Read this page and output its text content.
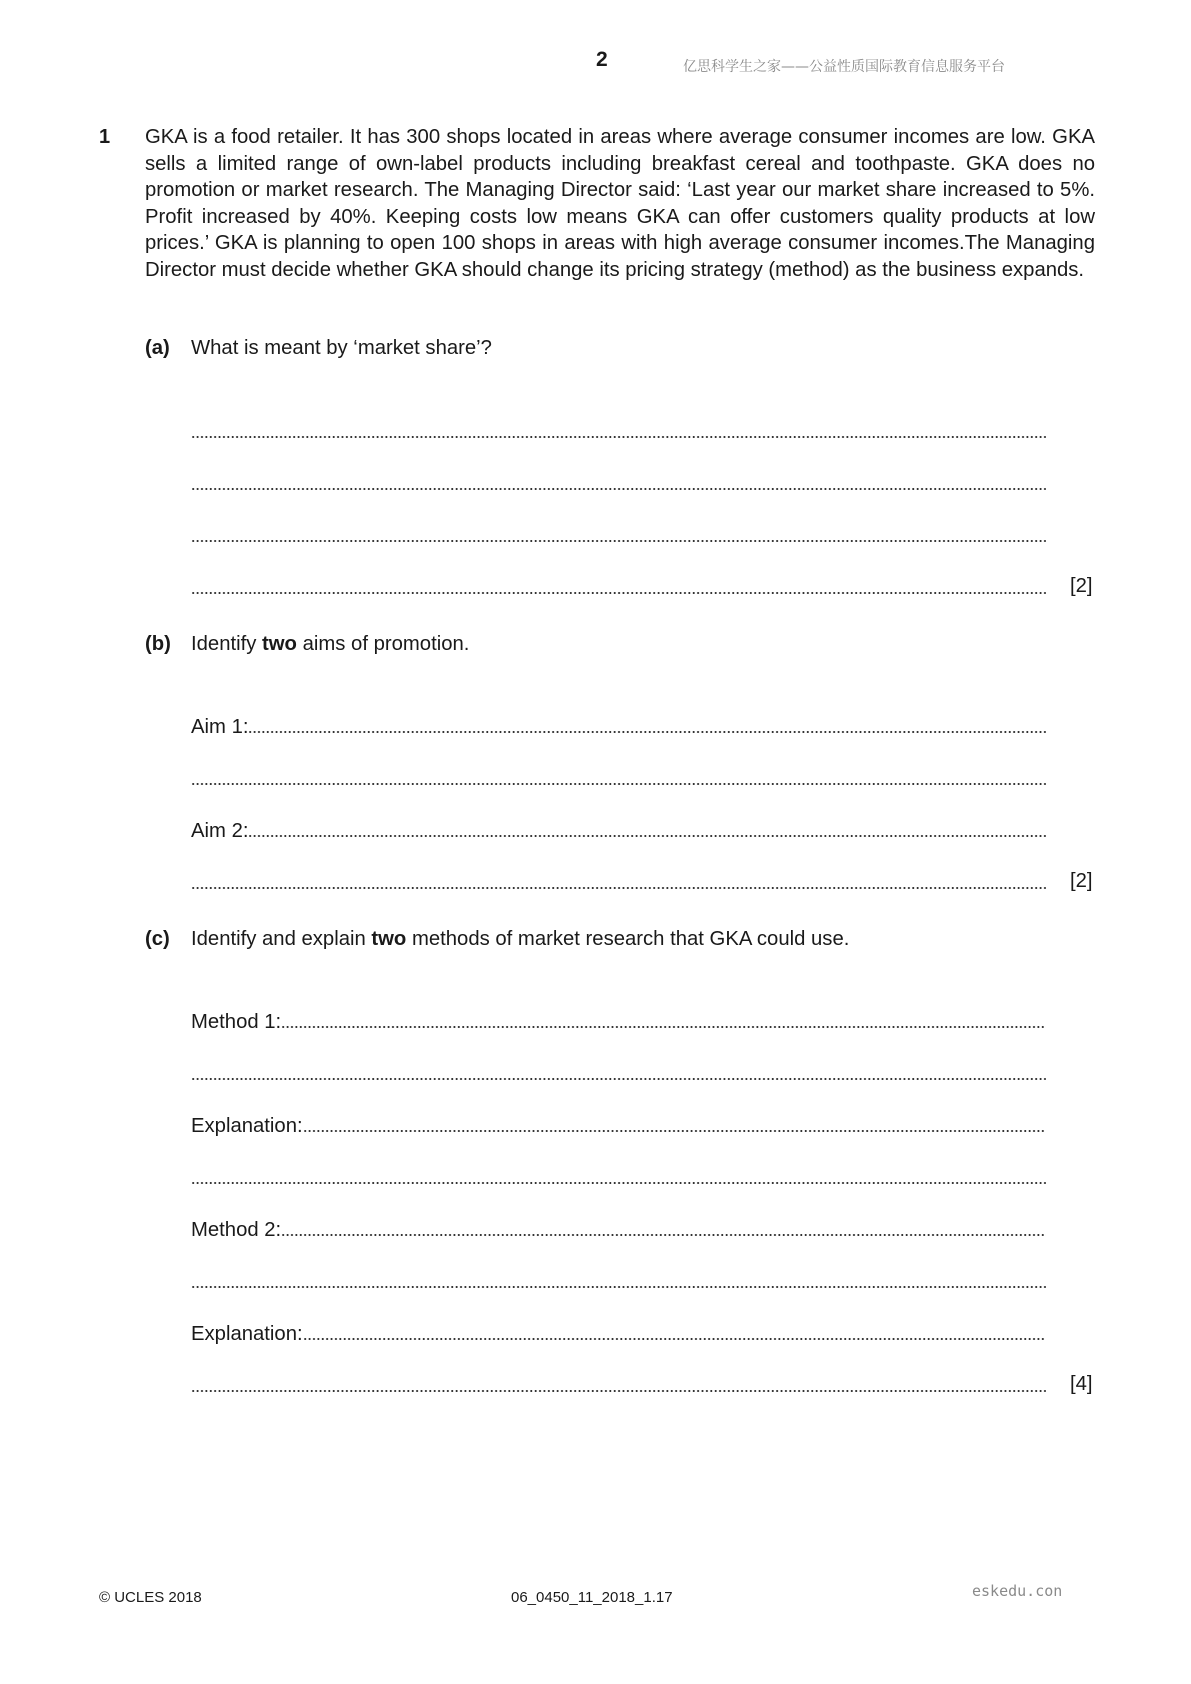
2	亿思科学生之家——公益性质国际教育信息服务平台
1 GKA is a food retailer. It has 300 shops located in areas where average consumer incomes are low. GKA sells a limited range of own-label products including breakfast cereal and toothpaste. GKA does no promotion or market research. The Managing Director said: ‘Last year our market share increased to 5%. Profit increased by 40%. Keeping costs low means GKA can offer customers quality products at low prices.’ GKA is planning to open 100 shops in areas with high average consumer incomes.The Managing Director must decide whether GKA should change its pricing strategy (method) as the business expands.

(a) What is meant by ‘market share’?
[2]
(b) Identify two aims of promotion.
Aim 1:
Aim 2:
[2]
(c) Identify and explain two methods of market research that GKA could use.
Method 1:
Explanation:
Method 2:
Explanation:
[4]
© UCLES 2018	06_0450_11_2018_1.17	eskedu.con
